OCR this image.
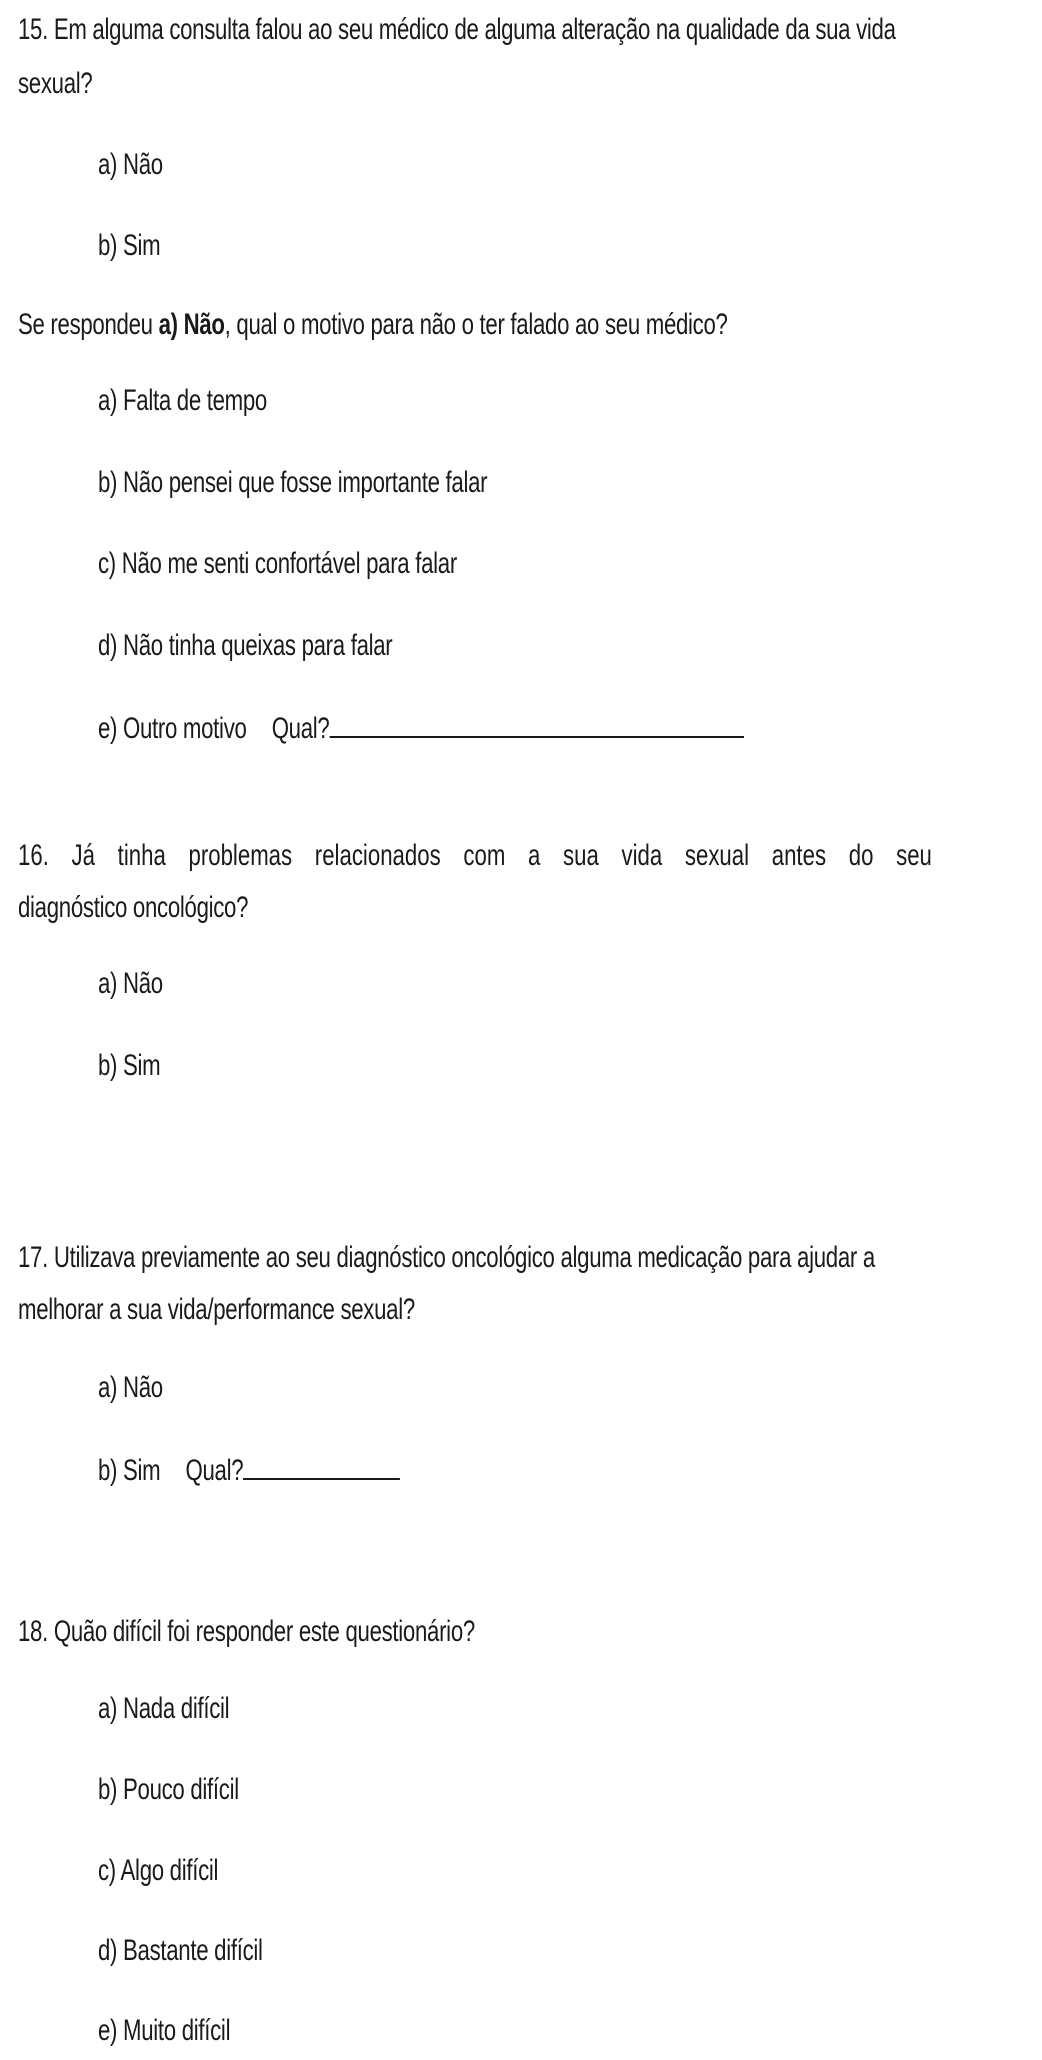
15. Em alguma consulta falou ao seu médico de alguma alteração na qualidade da sua vida
sexual?
a) Não
b) Sim
Se respondeu a) Não, qual o motivo para não o ter falado ao seu médico?
a) Falta de tempo
b) Não pensei que fosse importante falar
c) Não me senti confortável para falar
d) Não tinha queixas para falar
e) Outro motivo Qual?
16. Já tinha problemas relacionados com a sua vida sexual antes do seu
diagnóstico oncológico?
a) Não
b) Sim
17. Utilizava previamente ao seu diagnóstico oncológico alguma medicação para ajudar a
melhorar a sua vida/performance sexual?
a) Não
b) Sim Qual?
18. Quão difícil foi responder este questionário?
a) Nada difícil
b) Pouco difícil
c) Algo difícil
d) Bastante difícil
e) Muito difícil
